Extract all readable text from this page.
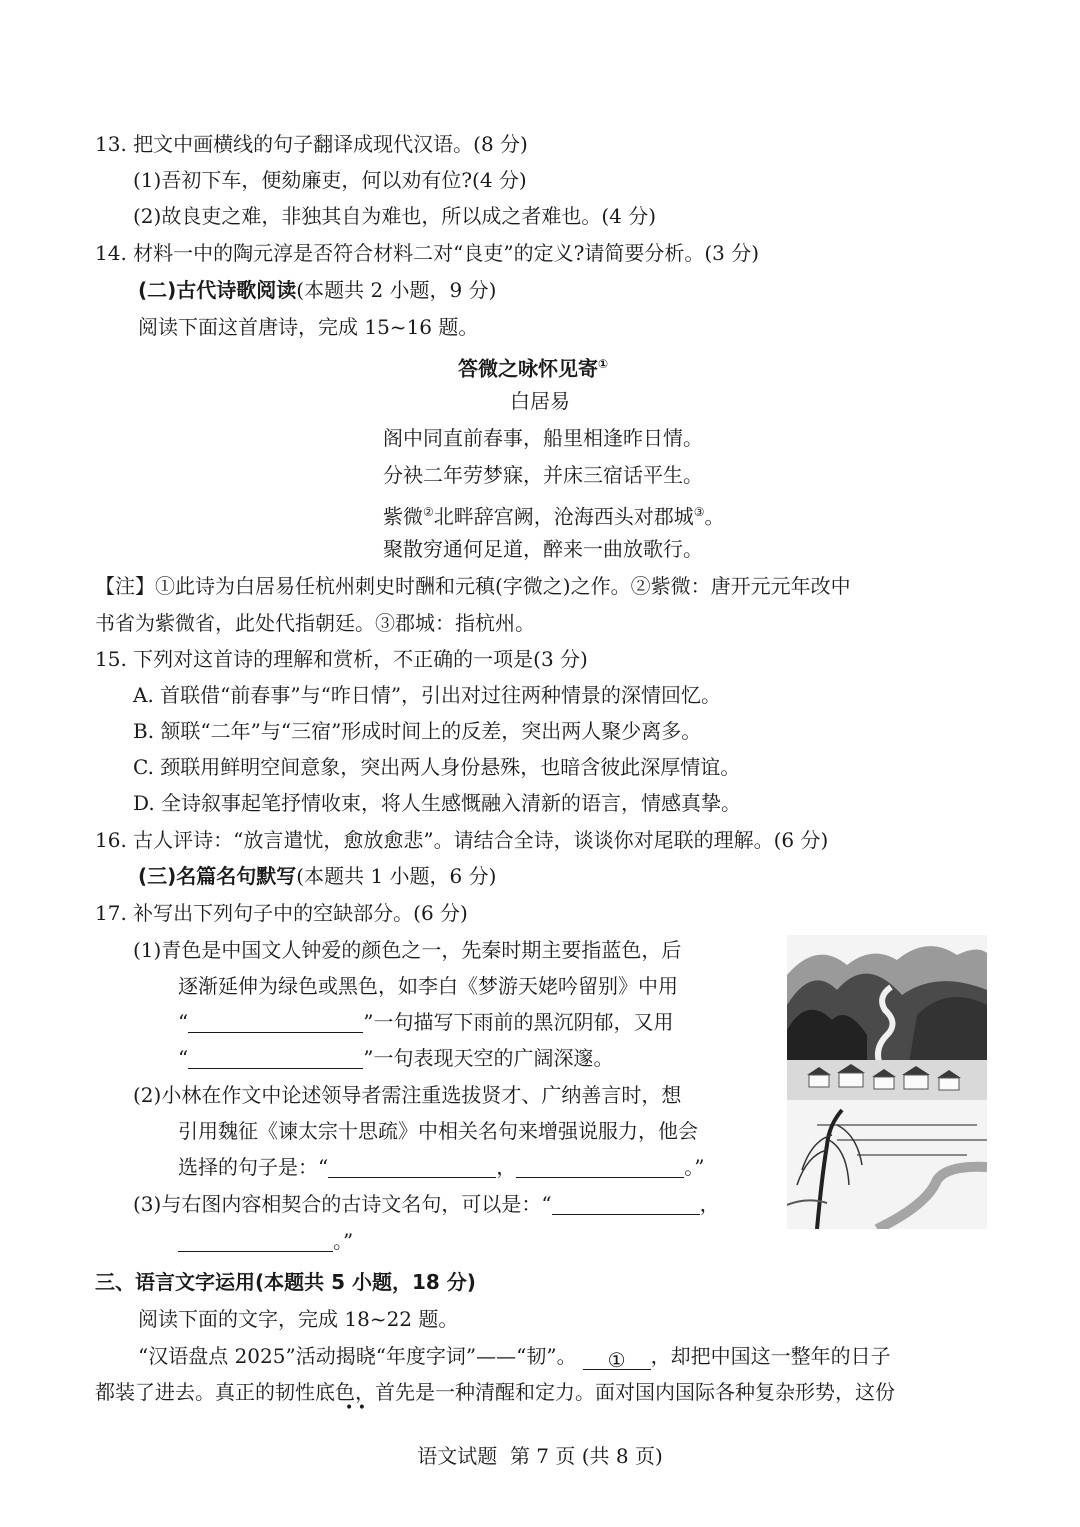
13. 把文中画横线的句子翻译成现代汉语。(8 分)
(1)吾初下车，便劾廉吏，何以劝有位?(4 分)
(2)故良吏之难，非独其自为难也，所以成之者难也。(4 分)
14. 材料一中的陶元淳是否符合材料二对“良吏”的定义?请简要分析。(3 分)
(二)古代诗歌阅读(本题共 2 小题，9 分)
阅读下面这首唐诗，完成 15~16 题。
答微之咏怀见寄①
白居易
阁中同直前春事，船里相逢昨日情。
分袂二年劳梦寐，并床三宿话平生。
紫微②北畔辞宫阙，沧海西头对郡城③。
聚散穷通何足道，醉来一曲放歌行。
【注】①此诗为白居易任杭州刺史时酬和元稹(字微之)之作。②紫微：唐开元元年改中
书省为紫微省，此处代指朝廷。③郡城：指杭州。
15. 下列对这首诗的理解和赏析，不正确的一项是(3 分)
A. 首联借“前春事”与“昨日情”，引出对过往两种情景的深情回忆。
B. 颔联“二年”与“三宿”形成时间上的反差，突出两人聚少离多。
C. 颈联用鲜明空间意象，突出两人身份悬殊，也暗含彼此深厚情谊。
D. 全诗叙事起笔抒情收束，将人生感慨融入清新的语言，情感真挚。
16. 古人评诗：“放言遣忧，愈放愈悲”。请结合全诗，谈谈你对尾联的理解。(6 分)
(三)名篇名句默写(本题共 1 小题，6 分)
17. 补写出下列句子中的空缺部分。(6 分)
(1)青色是中国文人钟爱的颜色之一，先秦时期主要指蓝色，后
逐渐延伸为绿色或黑色，如李白《梦游天姥吟留别》中用
“	”一句描写下雨前的黑沉阴郁，又用
“	”一句表现天空的广阔深邃。
(2)小林在作文中论述领导者需注重选拔贤才、广纳善言时，想
引用魏征《谏太宗十思疏》中相关名句来增强说服力，他会
选择的句子是：“	，	。”
(3)与右图内容相契合的古诗文名句，可以是：“	，
。”
三、语言文字运用(本题共 5 小题，18 分)
阅读下面的文字，完成 18~22 题。
“汉语盘点 2025”活动揭晓“年度字词”——“韧”。 ① ，却把中国这一整年的日子
都装了进去。真正的韧性底色，首先是一种清醒和定力。面对国内国际各种复杂形势，这份
• •
语文试题 第 7 页 (共 8 页)
